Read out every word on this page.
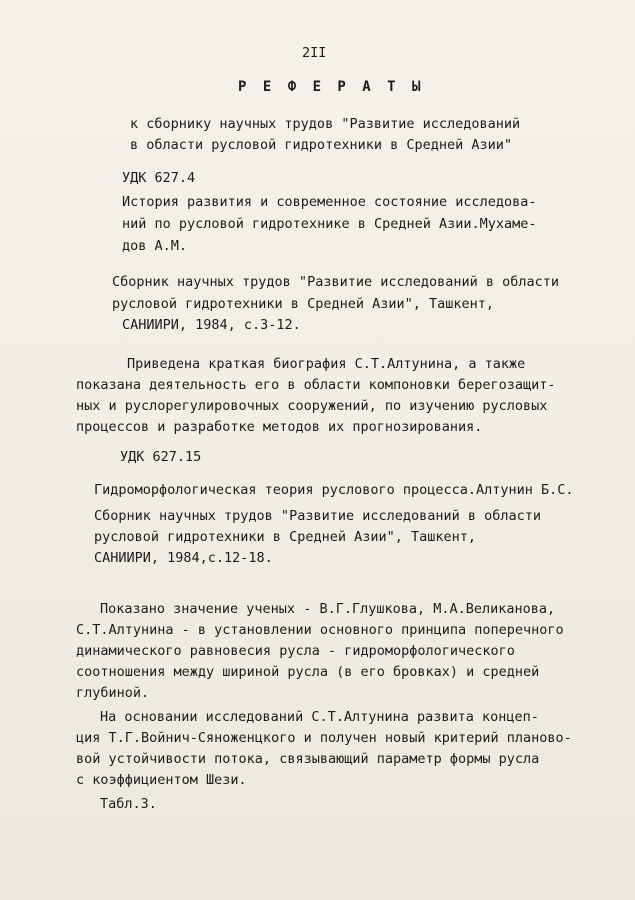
2II
Р Е Ф Е Р А Т Ы
к сборнику научных трудов "Развитие исследований
в области русловой гидротехники в Средней Азии"
УДК 627.4
История развития и современное состояние исследова-
ний по русловой гидротехнике в Средней Азии.Мухаме-
дов А.М.
Сборник научных трудов "Развитие исследований в области
русловой гидротехники в Средней Азии", Ташкент,
САНИИРИ, 1984, с.3-12.
Приведена краткая биография С.Т.Алтунина, а также
показана деятельность его в области компоновки берегозащит-
ных и руслорегулировочных сооружений, по изучению русловых
процессов и разработке методов их прогнозирования.
УДК 627.15
Гидроморфологическая теория руслового процесса.Алтунин Б.С.
Сборник научных трудов "Развитие исследований в области
русловой гидротехники в Средней Азии", Ташкент,
САНИИРИ, 1984,с.12-18.
Показано значение ученых - В.Г.Глушкова, М.А.Великанова,
С.Т.Алтунина - в установлении основного принципа поперечного
динамического равновесия русла - гидроморфологического
соотношения между шириной русла (в его бровках) и средней
глубиной.
На основании исследований С.Т.Алтунина развита концеп-
ция Т.Г.Войнич-Сяноженцкого и получен новый критерий планово-
вой устойчивости потока, связывающий параметр формы русла
с коэффициентом Шези.
Табл.3.
